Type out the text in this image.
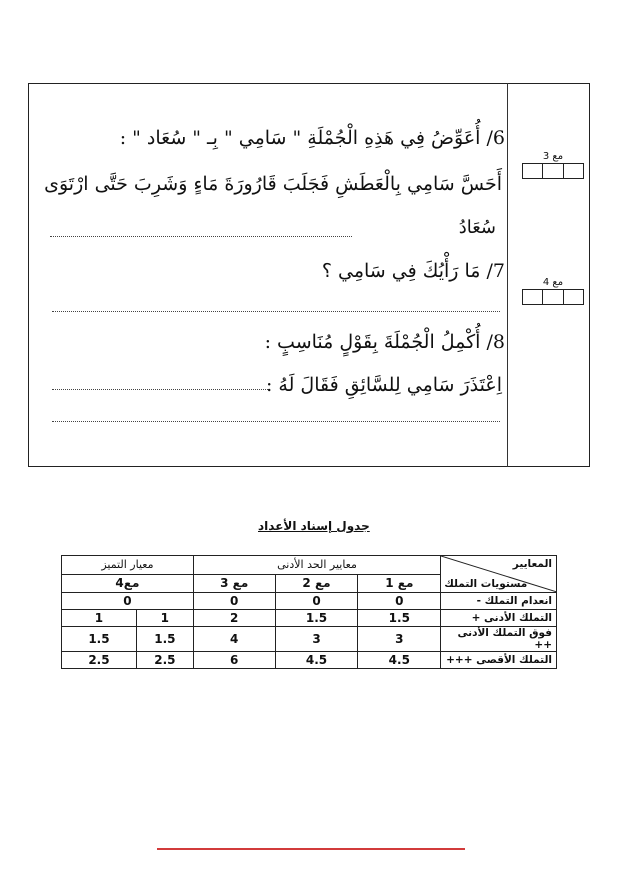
6/ أُعَوِّضُ فِي هَذِهِ الْجُمْلَةِ " سَامِي " بِـ " سُعَاد " :
أَحَسَّ سَامِي بِالْعَطَشِ فَجَلَبَ قَارُورَةَ مَاءٍ وَشَرِبَ حَتَّى ارْتَوَى
سُعَادُ
7/ مَا رَأْيُكَ فِي سَامِي ؟
8/ أُكْمِلُ الْجُمْلَةَ بِقَوْلٍ مُنَاسِبٍ :
اِعْتَذَرَ سَامِي لِلسَّائِقِ فَقَالَ لَهُ :
مع 3
مع 4
جدول إسناد الأعداد
المعايير
مستويات التملك	معايير الحد الأدنى			معيار التميز	
	مع 1	مع 2	مع 3	مع4	
انعدام التملك -	0	0	0	0	
التملك الأدنى +	1.5	1.5	2	1	1
فوق التملك الأدنى ++	3	3	4	1.5	1.5
التملك الأقصى +++	4.5	4.5	6	2.5	2.5
